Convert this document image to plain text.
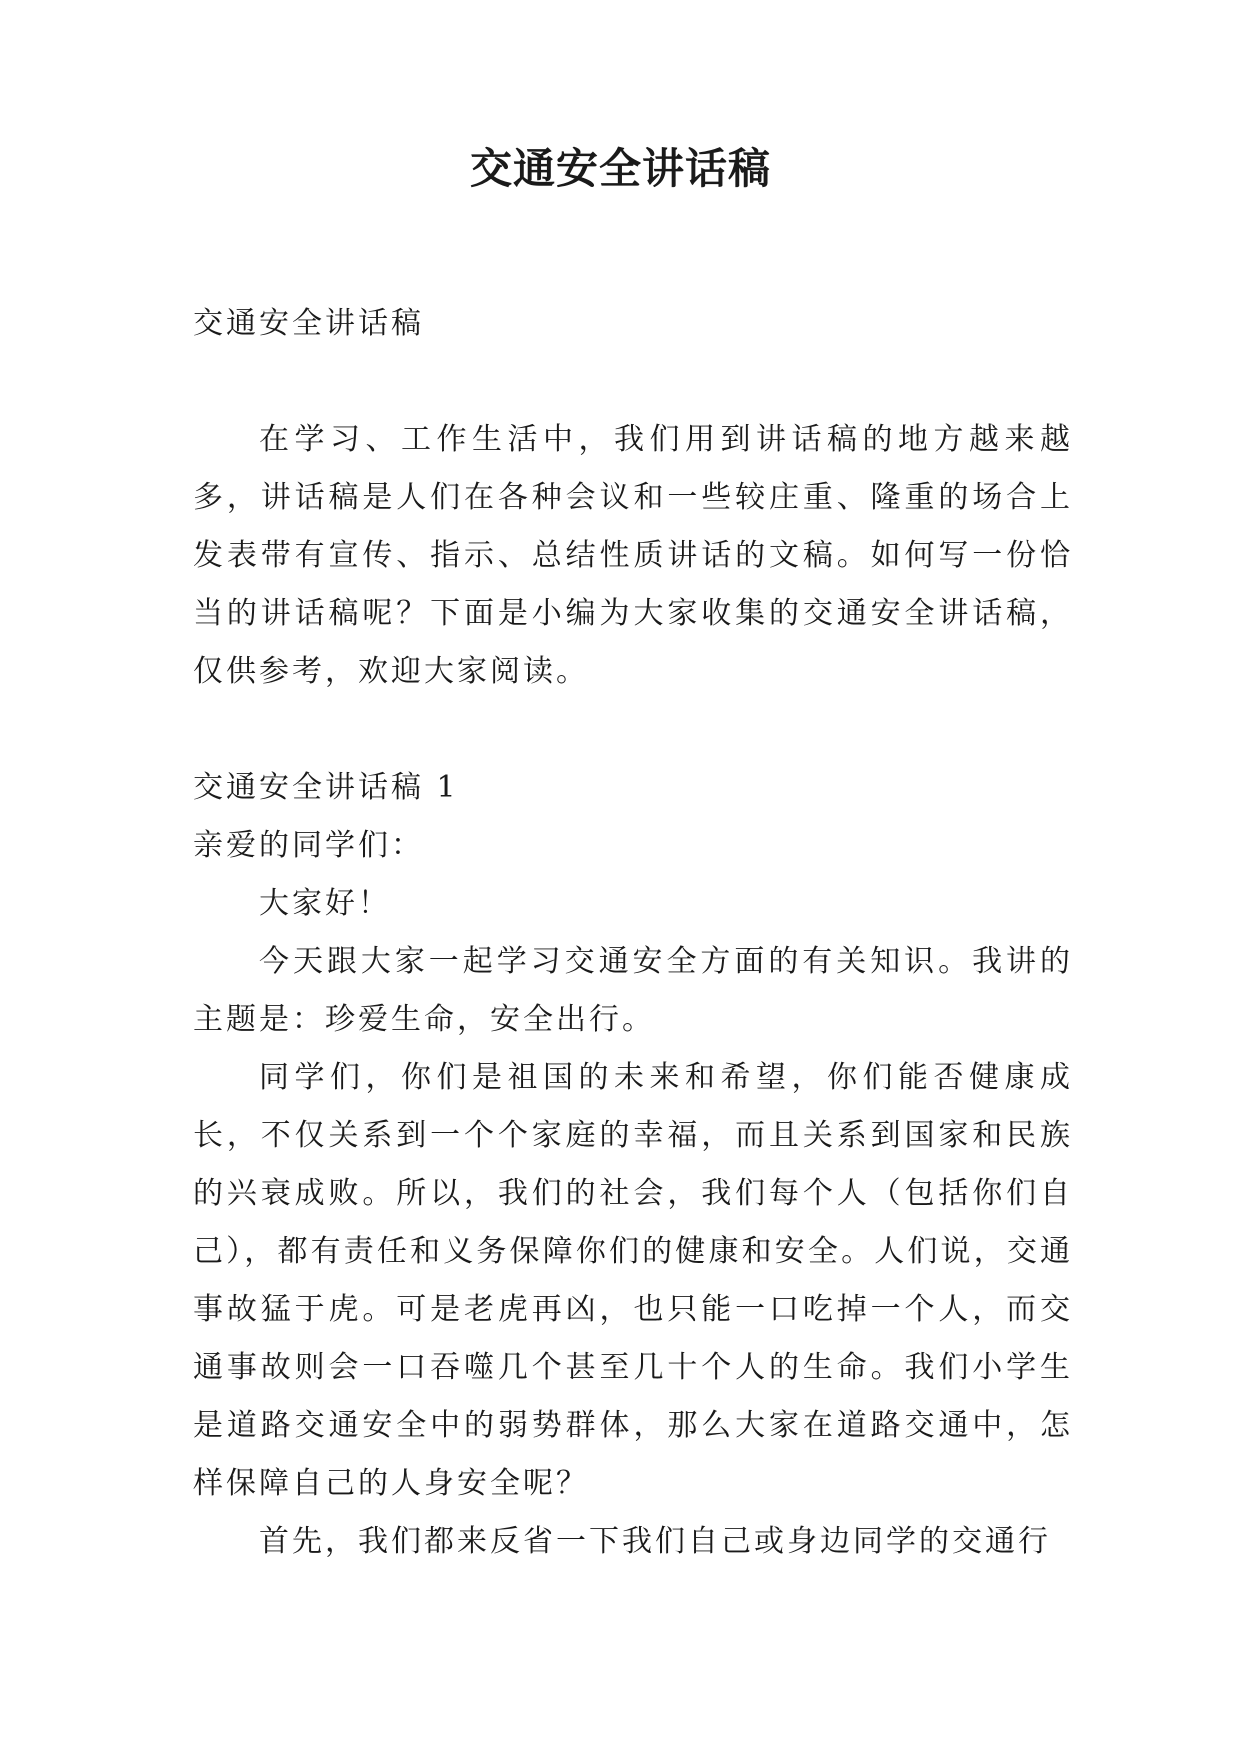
交通安全讲话稿

交通安全讲话稿

在学习、工作生活中，我们用到讲话稿的地方越来越多，讲话稿是人们在各种会议和一些较庄重、隆重的场合上发表带有宣传、指示、总结性质讲话的文稿。如何写一份恰当的讲话稿呢？下面是小编为大家收集的交通安全讲话稿，仅供参考，欢迎大家阅读。

交通安全讲话稿 1

亲爱的同学们：

大家好！

今天跟大家一起学习交通安全方面的有关知识。我讲的主题是：珍爱生命，安全出行。

同学们，你们是祖国的未来和希望，你们能否健康成长，不仅关系到一个个家庭的幸福，而且关系到国家和民族的兴衰成败。所以，我们的社会，我们每个人（包括你们自己），都有责任和义务保障你们的健康和安全。人们说，交通事故猛于虎。可是老虎再凶，也只能一口吃掉一个人，而交通事故则会一口吞噬几个甚至几十个人的生命。我们小学生是道路交通安全中的弱势群体，那么大家在道路交通中，怎样保障自己的人身安全呢？

首先，我们都来反省一下我们自己或身边同学的交通行
